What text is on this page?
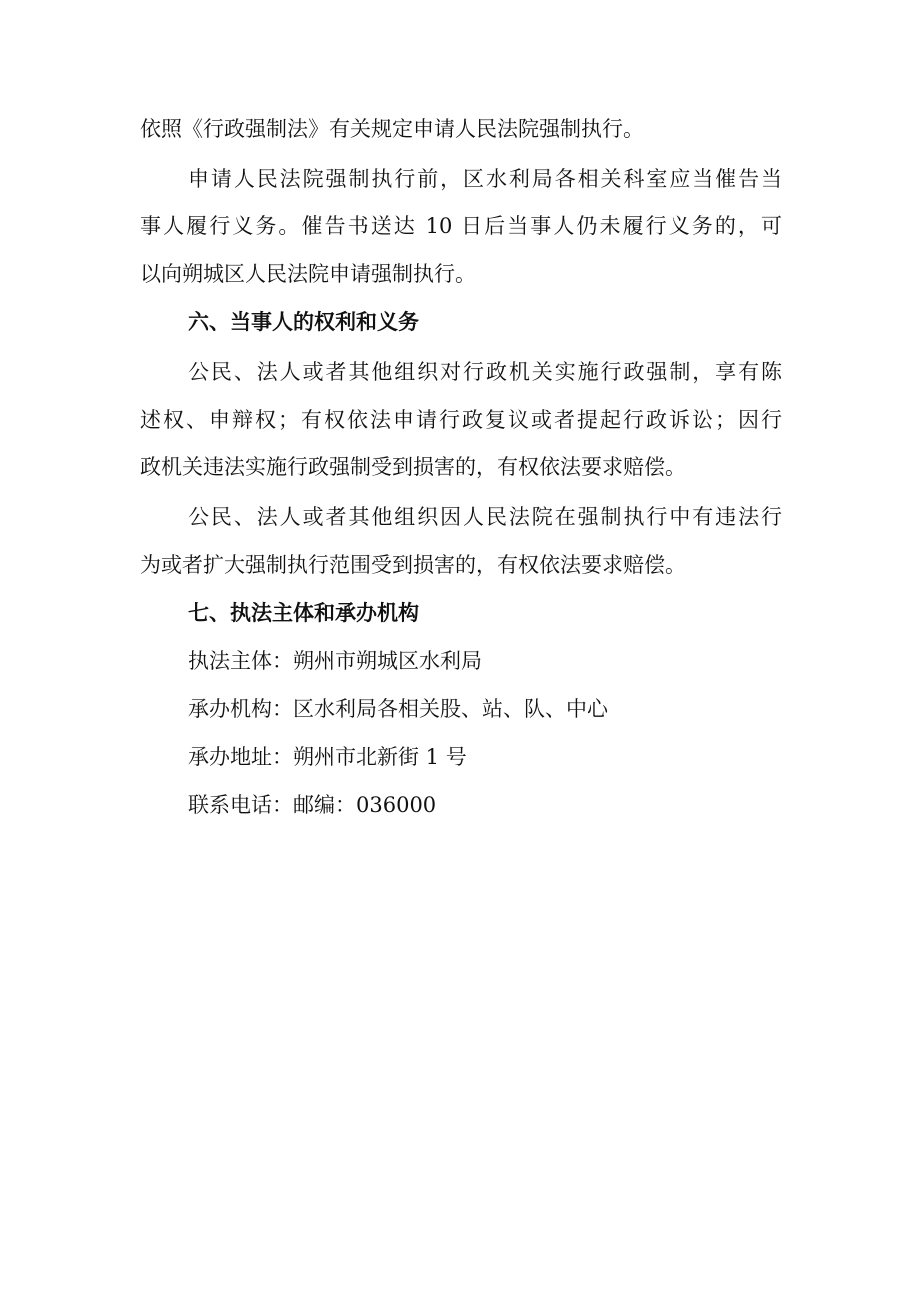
依照《行政强制法》有关规定申请人民法院强制执行。
申请人民法院强制执行前，区水利局各相关科室应当催告当
事人履行义务。催告书送达 10 日后当事人仍未履行义务的，可
以向朔城区人民法院申请强制执行。
六、当事人的权利和义务
公民、法人或者其他组织对行政机关实施行政强制，享有陈
述权、申辩权；有权依法申请行政复议或者提起行政诉讼；因行
政机关违法实施行政强制受到损害的，有权依法要求赔偿。
公民、法人或者其他组织因人民法院在强制执行中有违法行
为或者扩大强制执行范围受到损害的，有权依法要求赔偿。
七、执法主体和承办机构
执法主体：朔州市朔城区水利局
承办机构：区水利局各相关股、站、队、中心
承办地址：朔州市北新街 1 号
联系电话：邮编：036000
